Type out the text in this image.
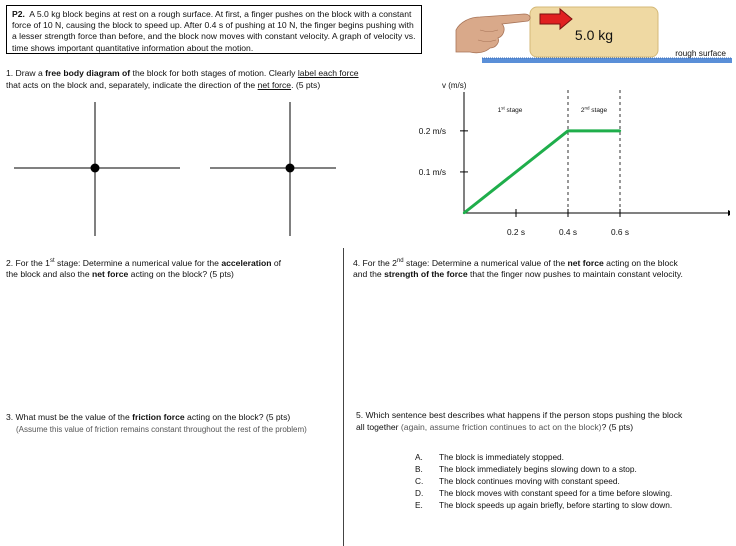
P2. A 5.0 kg block begins at rest on a rough surface. At first, a finger pushes on the block with a constant force of 10 N, causing the block to speed up. After 0.4 s of pushing at 10 N, the finger begins pushing with a lesser strength force than before, and the block now moves with constant velocity. A graph of velocity vs. time shows important quantitative information about the motion.
5.0 kg
rough surface
1. Draw a free body diagram of the block for both stages of motion. Clearly label each force
that acts on the block and, separately, indicate the direction of the net force. (5 pts)	v (m/s)
0.1 m/s
0.2 m/s
0.2 s	0.4 s	0.6 s
1st stage	2nd stage
2. For the 1st stage: Determine a numerical value for the acceleration of
the block and also the net force acting on the block? (5 pts)
4. For the 2nd stage: Determine a numerical value of the net force acting on the block
and the strength of the force that the finger now pushes to maintain constant velocity.
3. What must be the value of the friction force acting on the block? (5 pts)
(Assume this value of friction remains constant throughout the rest of the problem)
5. Which sentence best describes what happens if the person stops pushing the block
all together (again, assume friction continues to act on the block)? (5 pts)
A. The block is immediately stopped.
B. The block immediately begins slowing down to a stop.
C. The block continues moving with constant speed.
D. The block moves with constant speed for a time before slowing.
E. The block speeds up again briefly, before starting to slow down.
